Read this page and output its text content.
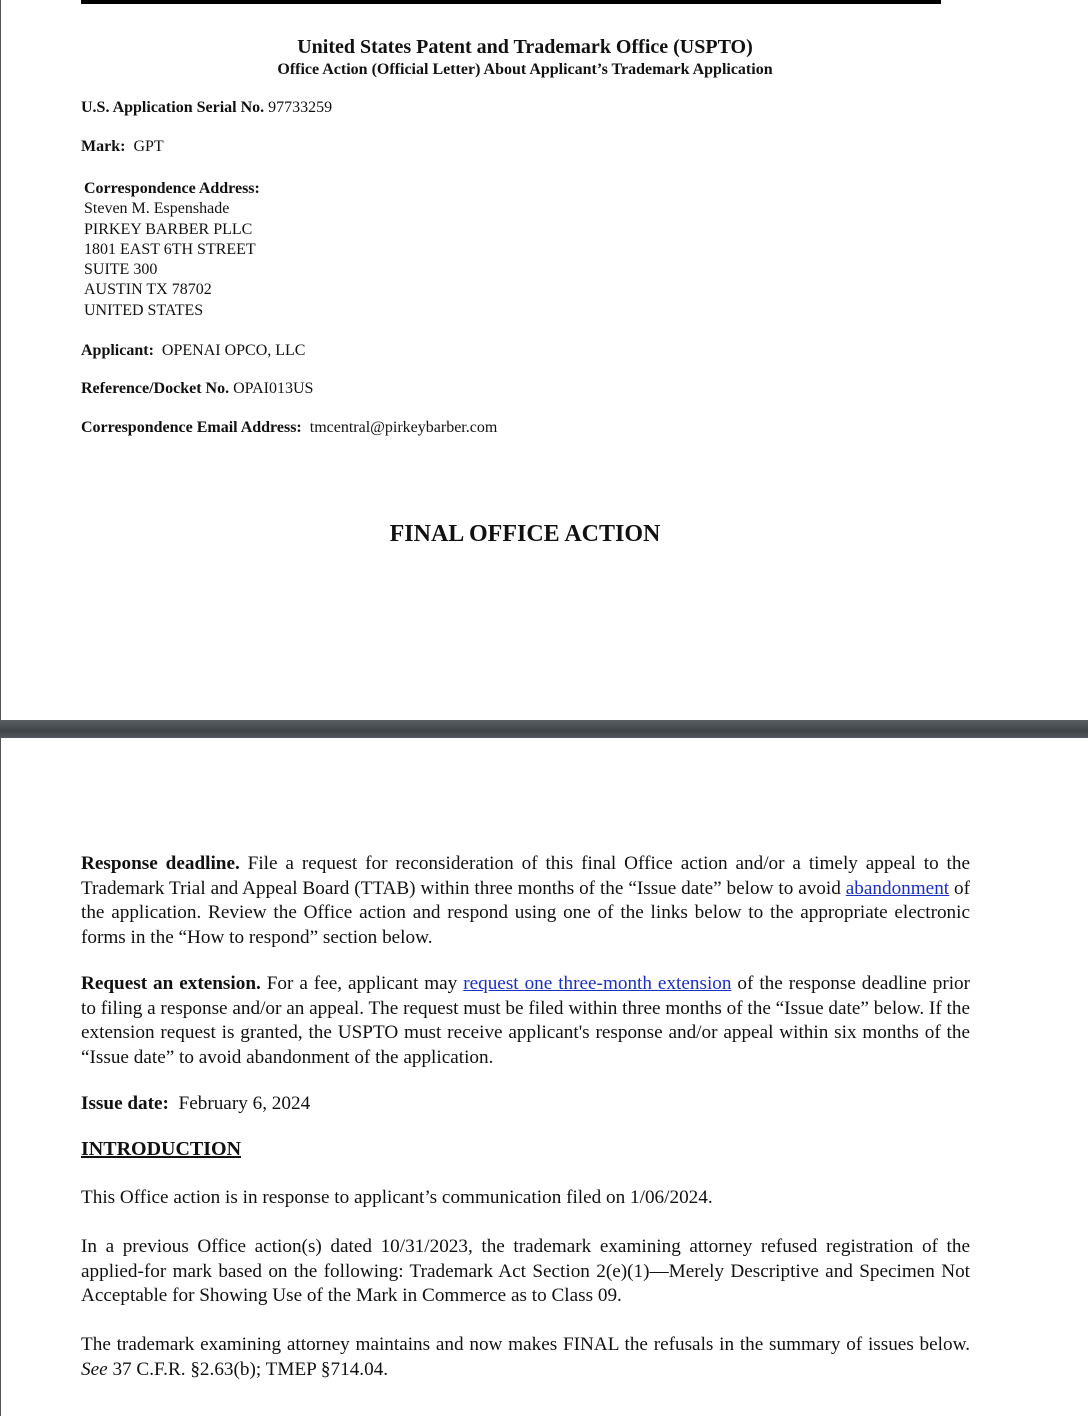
United States Patent and Trademark Office (USPTO)
Office Action (Official Letter) About Applicant’s Trademark Application
U.S. Application Serial No. 97733259
Mark: GPT
Correspondence Address:
Steven M. Espenshade
PIRKEY BARBER PLLC
1801 EAST 6TH STREET
SUITE 300
AUSTIN TX 78702
UNITED STATES
Applicant: OPENAI OPCO, LLC
Reference/Docket No. OPAI013US
Correspondence Email Address: tmcentral@pirkeybarber.com
FINAL OFFICE ACTION
Response deadline. File a request for reconsideration of this final Office action and/or a timely appeal to the Trademark Trial and Appeal Board (TTAB) within three months of the “Issue date” below to avoid abandonment of the application. Review the Office action and respond using one of the links below to the appropriate electronic forms in the “How to respond” section below.
Request an extension. For a fee, applicant may request one three-month extension of the response deadline prior to filing a response and/or an appeal. The request must be filed within three months of the “Issue date” below. If the extension request is granted, the USPTO must receive applicant's response and/or appeal within six months of the “Issue date” to avoid abandonment of the application.
Issue date: February 6, 2024
INTRODUCTION
This Office action is in response to applicant’s communication filed on 1/06/2024.
In a previous Office action(s) dated 10/31/2023, the trademark examining attorney refused registration of the applied-for mark based on the following: Trademark Act Section 2(e)(1)—Merely Descriptive and Specimen Not Acceptable for Showing Use of the Mark in Commerce as to Class 09.
The trademark examining attorney maintains and now makes FINAL the refusals in the summary of issues below. See 37 C.F.R. §2.63(b); TMEP §714.04.
